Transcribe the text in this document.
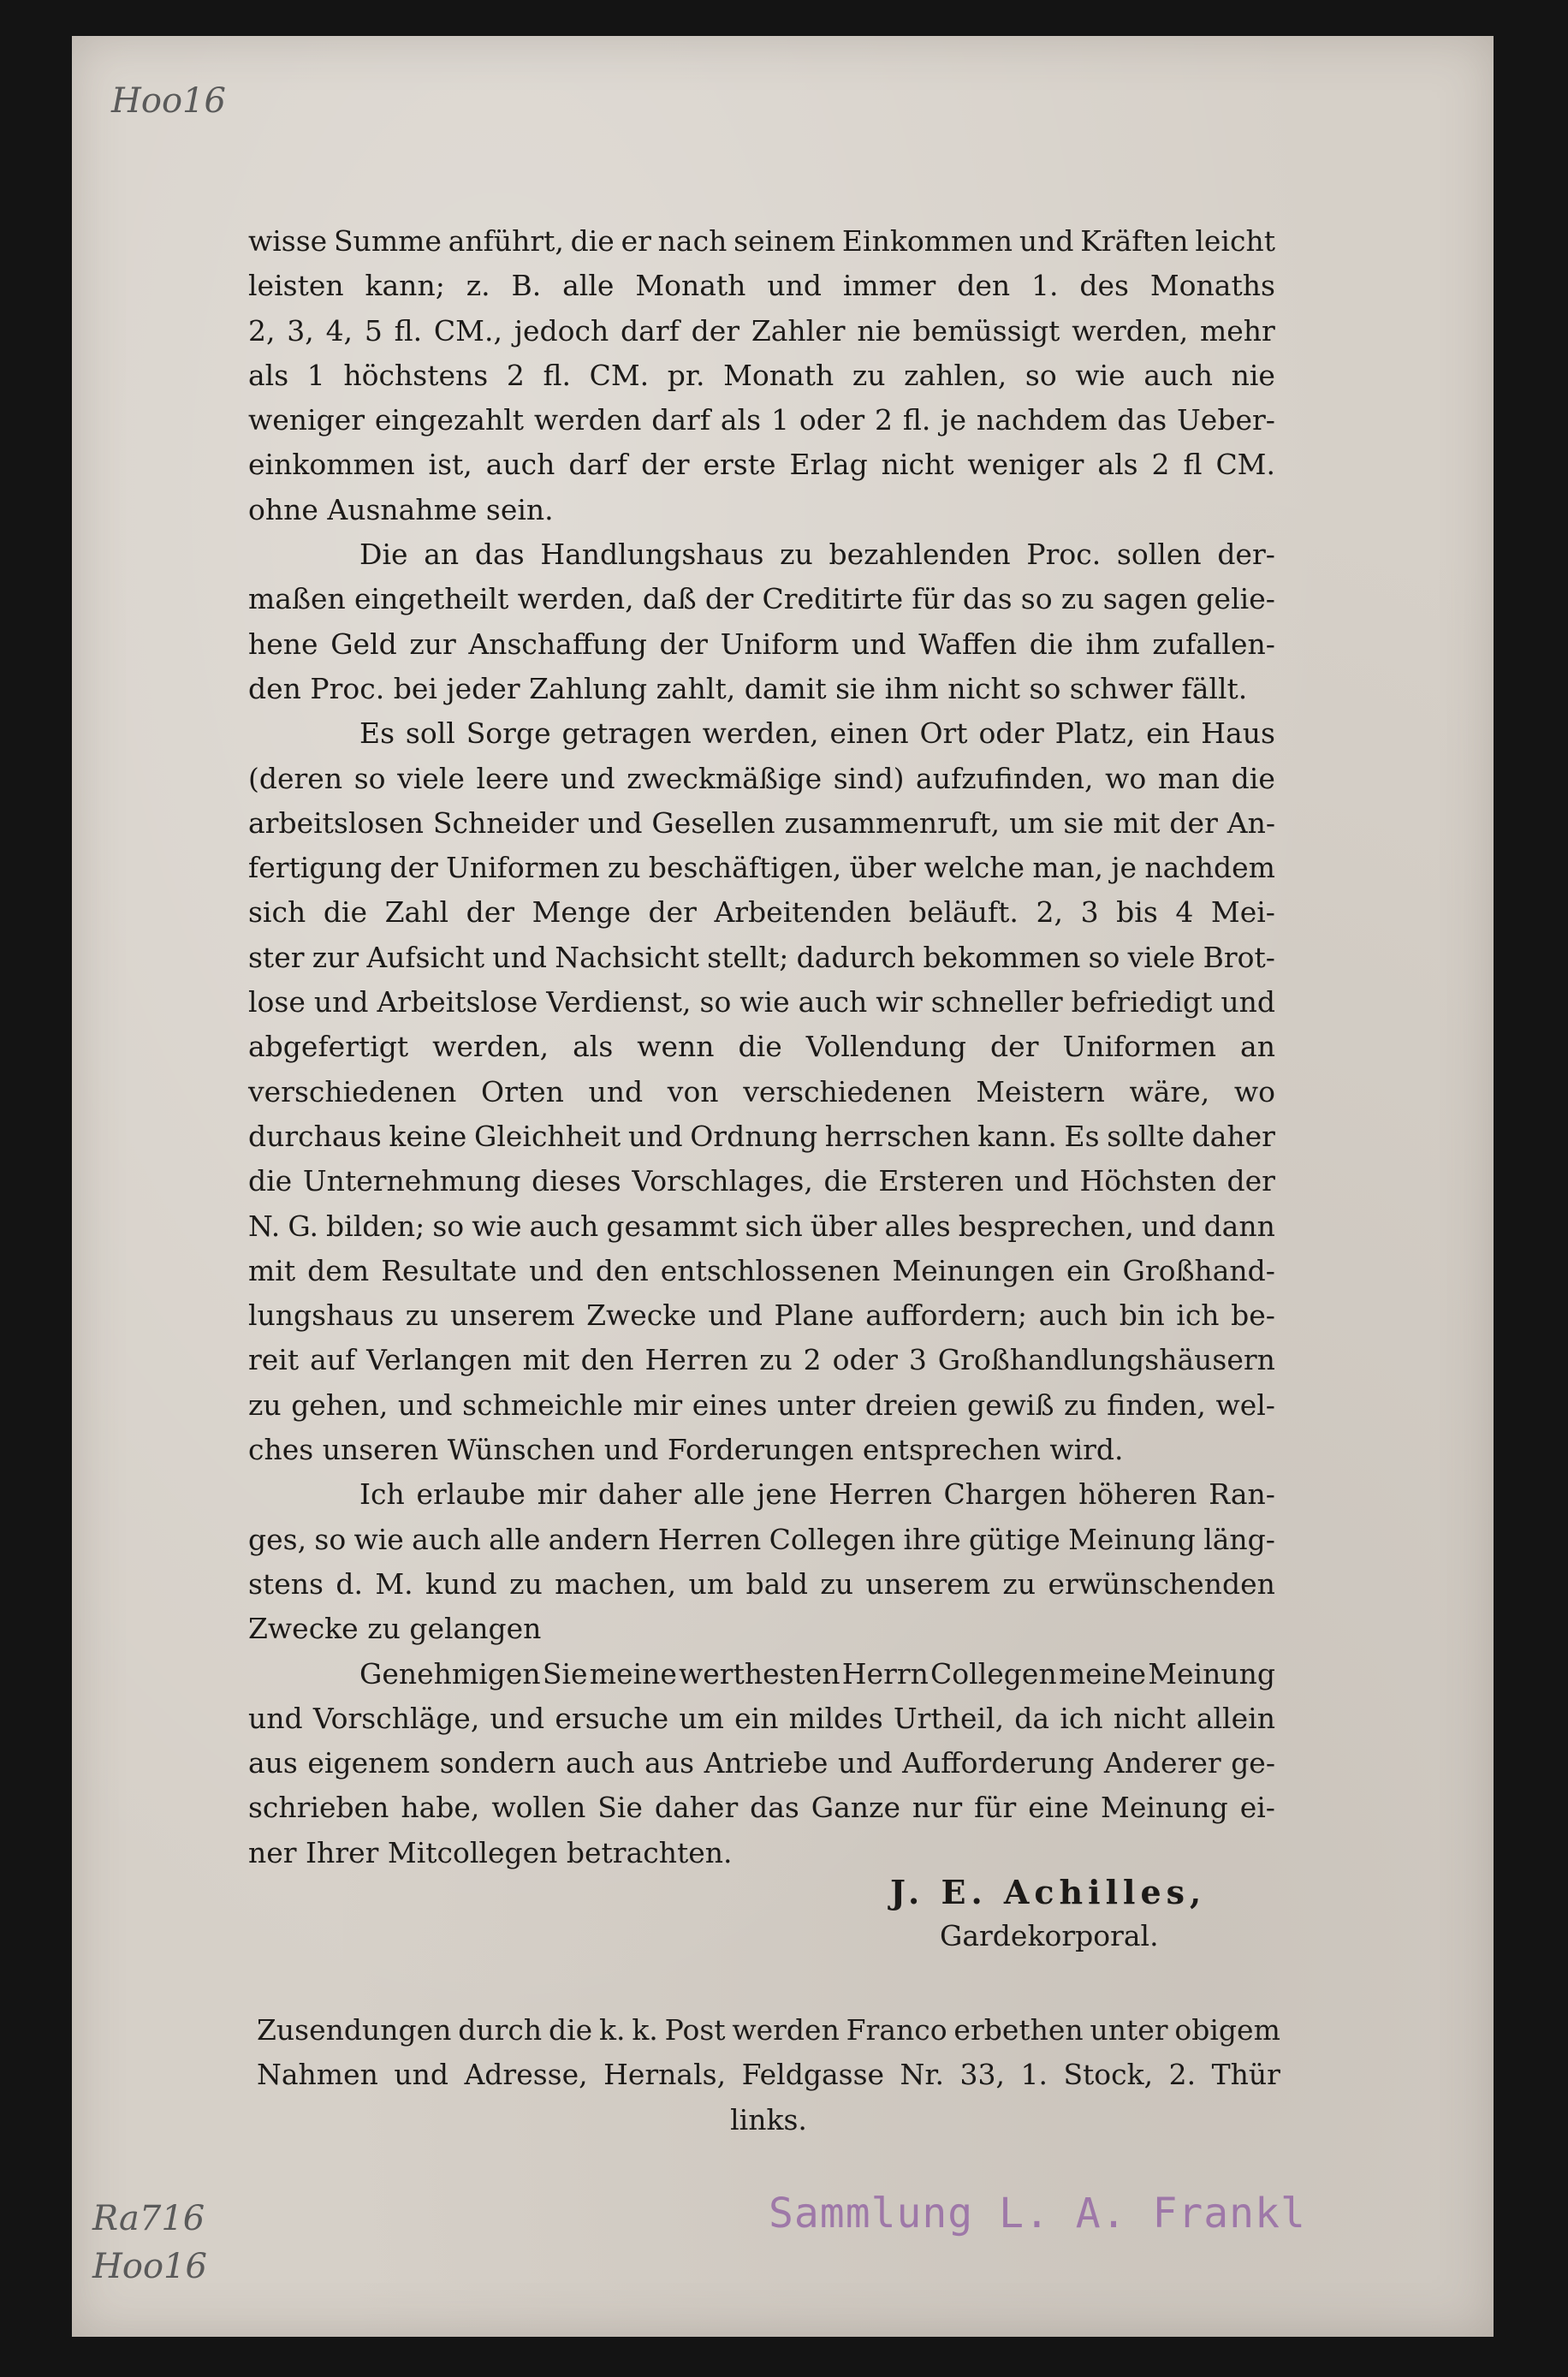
Hoo16
Ra716
Hoo16
wisse Summe anführt, die er nach seinem Einkommen und Kräften leicht
leisten kann; z. B. alle Monath und immer den 1. des Monaths
2, 3, 4, 5 fl. CM., jedoch darf der Zahler nie bemüssigt werden, mehr
als 1 höchstens 2 fl. CM. pr. Monath zu zahlen, so wie auch nie
weniger eingezahlt werden darf als 1 oder 2 fl. je nachdem das Ueber-
einkommen ist, auch darf der erste Erlag nicht weniger als 2 fl CM.
ohne Ausnahme sein.
Die an das Handlungshaus zu bezahlenden Proc. sollen der-
maßen eingetheilt werden, daß der Creditirte für das so zu sagen gelie-
hene Geld zur Anschaffung der Uniform und Waffen die ihm zufallen-
den Proc. bei jeder Zahlung zahlt, damit sie ihm nicht so schwer fällt.
Es soll Sorge getragen werden, einen Ort oder Platz, ein Haus
(deren so viele leere und zweckmäßige sind) aufzufinden, wo man die
arbeitslosen Schneider und Gesellen zusammenruft, um sie mit der An-
fertigung der Uniformen zu beschäftigen, über welche man, je nachdem
sich die Zahl der Menge der Arbeitenden beläuft. 2, 3 bis 4 Mei-
ster zur Aufsicht und Nachsicht stellt; dadurch bekommen so viele Brot-
lose und Arbeitslose Verdienst, so wie auch wir schneller befriedigt und
abgefertigt werden, als wenn die Vollendung der Uniformen an
verschiedenen Orten und von verschiedenen Meistern wäre, wo
durchaus keine Gleichheit und Ordnung herrschen kann. Es sollte daher
die Unternehmung dieses Vorschlages, die Ersteren und Höchsten der
N. G. bilden; so wie auch gesammt sich über alles besprechen, und dann
mit dem Resultate und den entschlossenen Meinungen ein Großhand-
lungshaus zu unserem Zwecke und Plane auffordern; auch bin ich be-
reit auf Verlangen mit den Herren zu 2 oder 3 Großhandlungshäusern
zu gehen, und schmeichle mir eines unter dreien gewiß zu finden, wel-
ches unseren Wünschen und Forderungen entsprechen wird.
Ich erlaube mir daher alle jene Herren Chargen höheren Ran-
ges, so wie auch alle andern Herren Collegen ihre gütige Meinung läng-
stens d. M. kund zu machen, um bald zu unserem zu erwünschenden
Zwecke zu gelangen
Genehmigen Sie meine werthesten Herrn Collegen meine Meinung
und Vorschläge, und ersuche um ein mildes Urtheil, da ich nicht allein
aus eigenem sondern auch aus Antriebe und Aufforderung Anderer ge-
schrieben habe, wollen Sie daher das Ganze nur für eine Meinung ei-
ner Ihrer Mitcollegen betrachten.
J. E. Achilles,
Gardekorporal.
Zusendungen durch die k. k. Post werden Franco erbethen unter obigem
Nahmen und Adresse, Hernals, Feldgasse Nr. 33, 1. Stock, 2. Thür
links.
Sammlung L. A. Frankl
